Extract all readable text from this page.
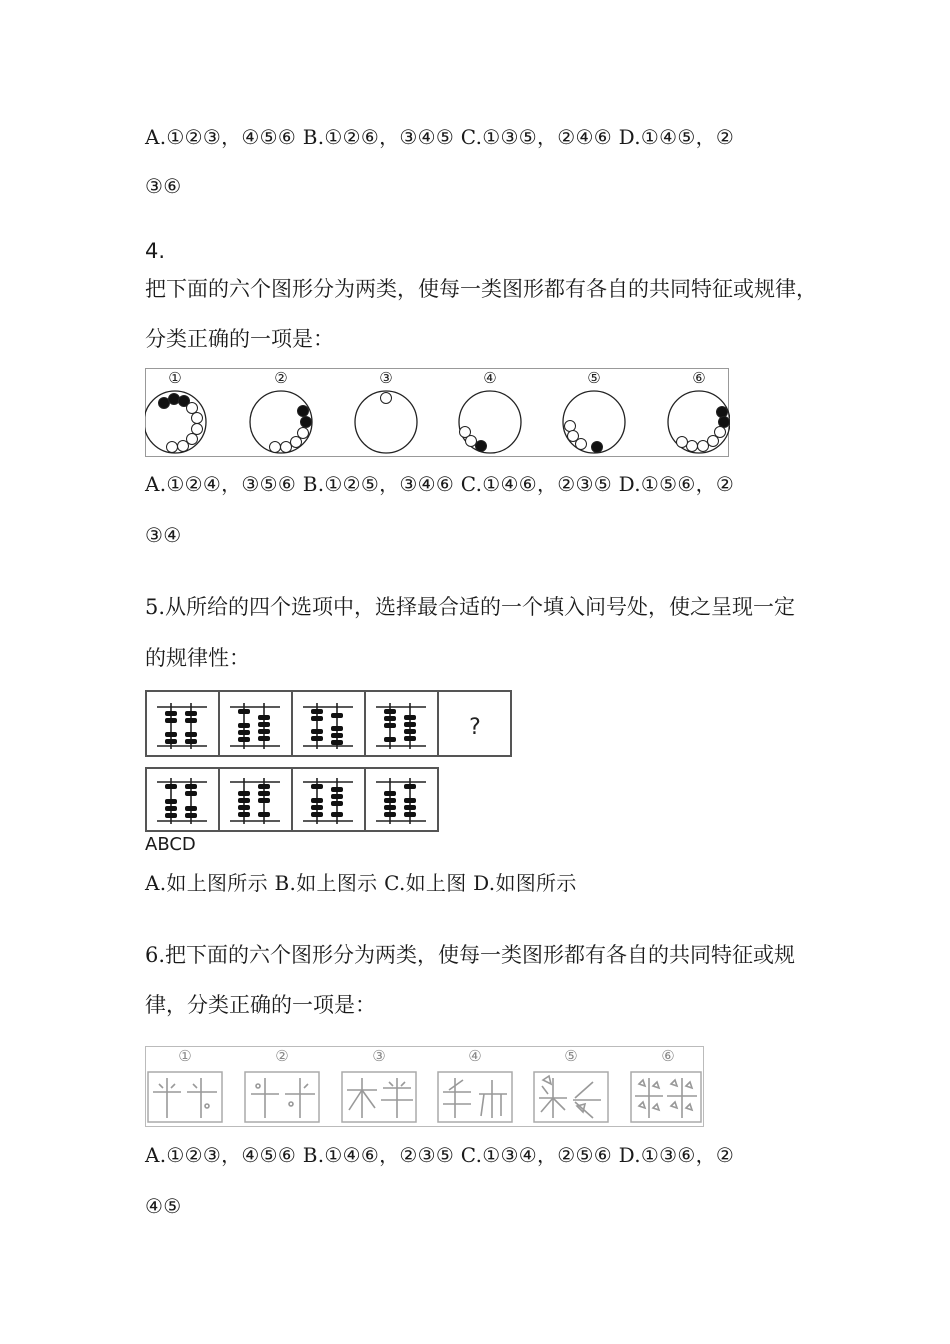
A.①②③，④⑤⑥ B.①②⑥，③④⑤ C.①③⑤，②④⑥ D.①④⑤，②
③⑥
4.
把下面的六个图形分为两类，使每一类图形都有各自的共同特征或规律，
分类正确的一项是：
①	②	③	④	⑤	⑥
A.①②④，③⑤⑥ B.①②⑤，③④⑥ C.①④⑥，②③⑤ D.①⑤⑥，②
③④
5.从所给的四个选项中，选择最合适的一个填入问号处，使之呈现一定
的规律性：
?
ABCD
A.如上图所示 B.如上图示 C.如上图 D.如图所示
6.把下面的六个图形分为两类，使每一类图形都有各自的共同特征或规
律，分类正确的一项是：
①	②	③	④	⑤	⑥
A.①②③，④⑤⑥ B.①④⑥，②③⑤ C.①③④，②⑤⑥ D.①③⑥，②
④⑤
